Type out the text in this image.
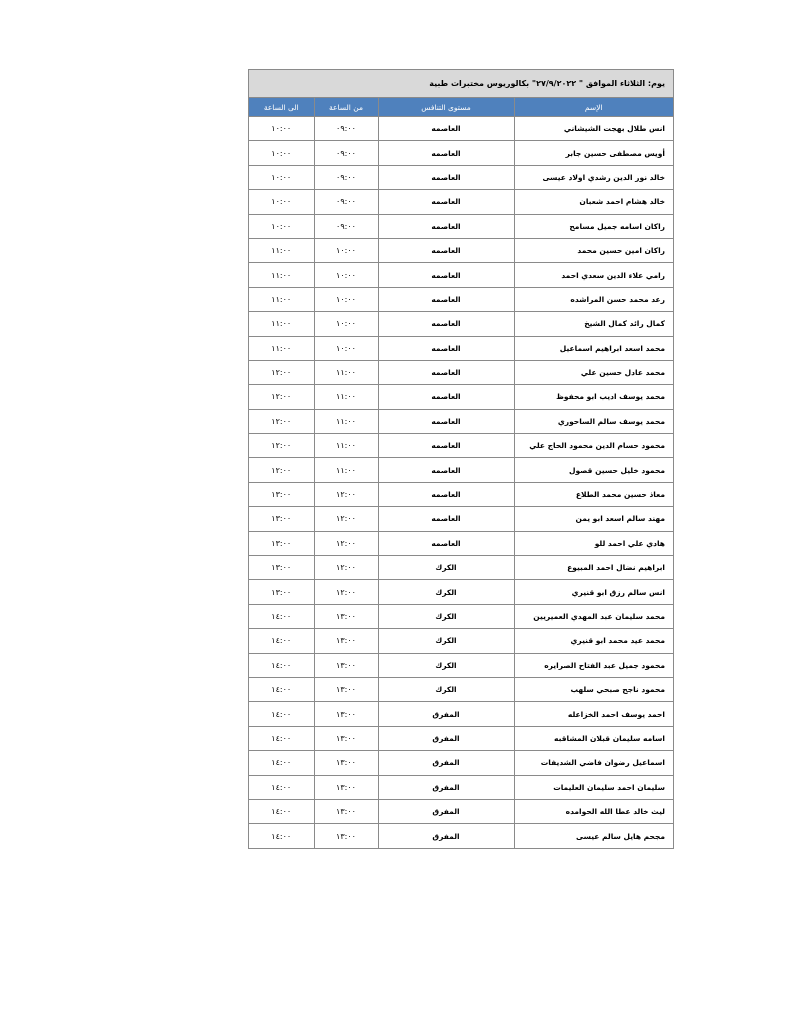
يوم: الثلاثاء الموافق " ٢٧/٩/٢٠٢٢" بكالوريوس مختبرات طبية
الإسم	مستوى التنافس	من الساعة	الى الساعة
انس طلال بهجت الشيشاني	العاصمه	٠٩:٠٠	١٠:٠٠
أويس مصطفى حسين جابر	العاصمه	٠٩:٠٠	١٠:٠٠
خالد نور الدين رشدي اولاد عيسى	العاصمه	٠٩:٠٠	١٠:٠٠
خالد هشام احمد شعبان	العاصمه	٠٩:٠٠	١٠:٠٠
راكان اسامه جميل مسامح	العاصمه	٠٩:٠٠	١٠:٠٠
راكان امين حسين محمد	العاصمه	١٠:٠٠	١١:٠٠
رامي علاء الدين سعدي احمد	العاصمه	١٠:٠٠	١١:٠٠
رعد محمد حسن المراشده	العاصمه	١٠:٠٠	١١:٠٠
كمال رائد كمال الشيخ	العاصمه	١٠:٠٠	١١:٠٠
محمد اسعد ابراهيم اسماعيل	العاصمه	١٠:٠٠	١١:٠٠
محمد عادل حسين علي	العاصمه	١١:٠٠	١٢:٠٠
محمد يوسف اديب ابو محفوظ	العاصمه	١١:٠٠	١٢:٠٠
محمد يوسف سالم الساحوري	العاصمه	١١:٠٠	١٢:٠٠
محمود حسام الدين محمود الحاج علي	العاصمه	١١:٠٠	١٢:٠٠
محمود خليل حسين قصول	العاصمه	١١:٠٠	١٢:٠٠
معاذ حسين محمد الطلاع	العاصمه	١٢:٠٠	١٣:٠٠
مهند سالم اسعد ابو يمن	العاصمه	١٢:٠٠	١٣:٠٠
هادي علي احمد للو	العاصمه	١٢:٠٠	١٣:٠٠
ابراهيم نضال احمد المبيوع	الكرك	١٢:٠٠	١٣:٠٠
انس سالم رزق ابو قنيري	الكرك	١٢:٠٠	١٣:٠٠
محمد سليمان عبد المهدي العميريين	الكرك	١٣:٠٠	١٤:٠٠
محمد عيد محمد ابو قنيري	الكرك	١٣:٠٠	١٤:٠٠
محمود جميل عبد الفتاح الصرايره	الكرك	١٣:٠٠	١٤:٠٠
محمود ناجح صبحي سلهب	الكرك	١٣:٠٠	١٤:٠٠
احمد يوسف احمد الخزاعله	المفرق	١٣:٠٠	١٤:٠٠
اسامه سليمان قبلان المشاقبه	المفرق	١٣:٠٠	١٤:٠٠
اسماعيل رضوان فاضي الشديفات	المفرق	١٣:٠٠	١٤:٠٠
سليمان احمد سليمان العليمات	المفرق	١٣:٠٠	١٤:٠٠
ليث خالد عطا الله الحوامده	المفرق	١٣:٠٠	١٤:٠٠
مجحم هايل سالم عيسى	المفرق	١٣:٠٠	١٤:٠٠
